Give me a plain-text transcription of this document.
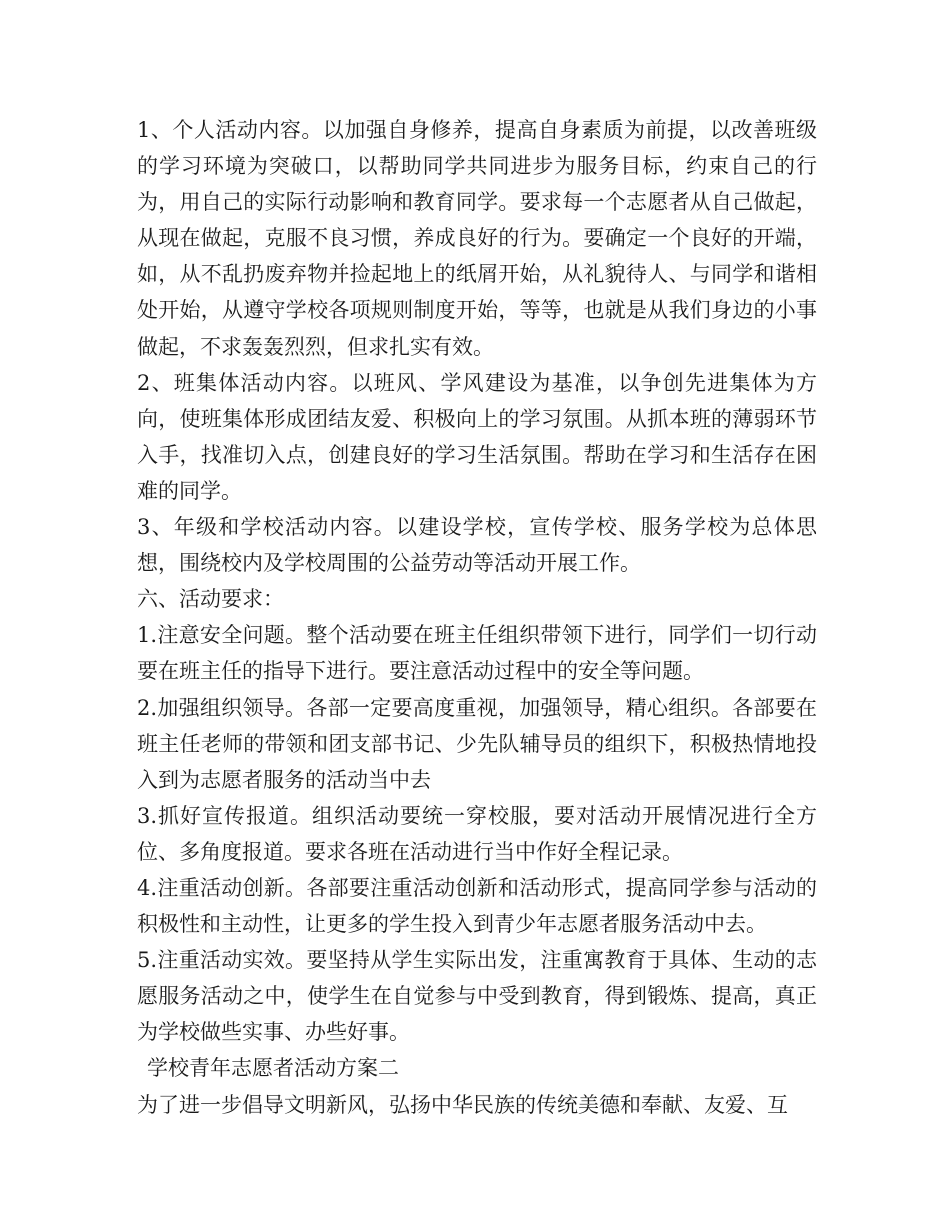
1、个人活动内容。以加强自身修养，提高自身素质为前提，以改善班级的学习环境为突破口，以帮助同学共同进步为服务目标，约束自己的行为，用自己的实际行动影响和教育同学。要求每一个志愿者从自己做起，从现在做起，克服不良习惯，养成良好的行为。要确定一个良好的开端，如，从不乱扔废弃物并捡起地上的纸屑开始，从礼貌待人、与同学和谐相处开始，从遵守学校各项规则制度开始，等等，也就是从我们身边的小事做起，不求轰轰烈烈，但求扎实有效。

2、班集体活动内容。以班风、学风建设为基准，以争创先进集体为方向，使班集体形成团结友爱、积极向上的学习氛围。从抓本班的薄弱环节入手，找准切入点，创建良好的学习生活氛围。帮助在学习和生活存在困难的同学。

3、年级和学校活动内容。以建设学校，宣传学校、服务学校为总体思想，围绕校内及学校周围的公益劳动等活动开展工作。

六、活动要求：

1.注意安全问题。整个活动要在班主任组织带领下进行，同学们一切行动要在班主任的指导下进行。要注意活动过程中的安全等问题。

2.加强组织领导。各部一定要高度重视，加强领导，精心组织。各部要在班主任老师的带领和团支部书记、少先队辅导员的组织下，积极热情地投入到为志愿者服务的活动当中去

3.抓好宣传报道。组织活动要统一穿校服，要对活动开展情况进行全方位、多角度报道。要求各班在活动进行当中作好全程记录。

4.注重活动创新。各部要注重活动创新和活动形式，提高同学参与活动的积极性和主动性，让更多的学生投入到青少年志愿者服务活动中去。

5.注重活动实效。要坚持从学生实际出发，注重寓教育于具体、生动的志愿服务活动之中，使学生在自觉参与中受到教育，得到锻炼、提高，真正为学校做些实事、办些好事。

学校青年志愿者活动方案二

为了进一步倡导文明新风，弘扬中华民族的传统美德和奉献、友爱、互
